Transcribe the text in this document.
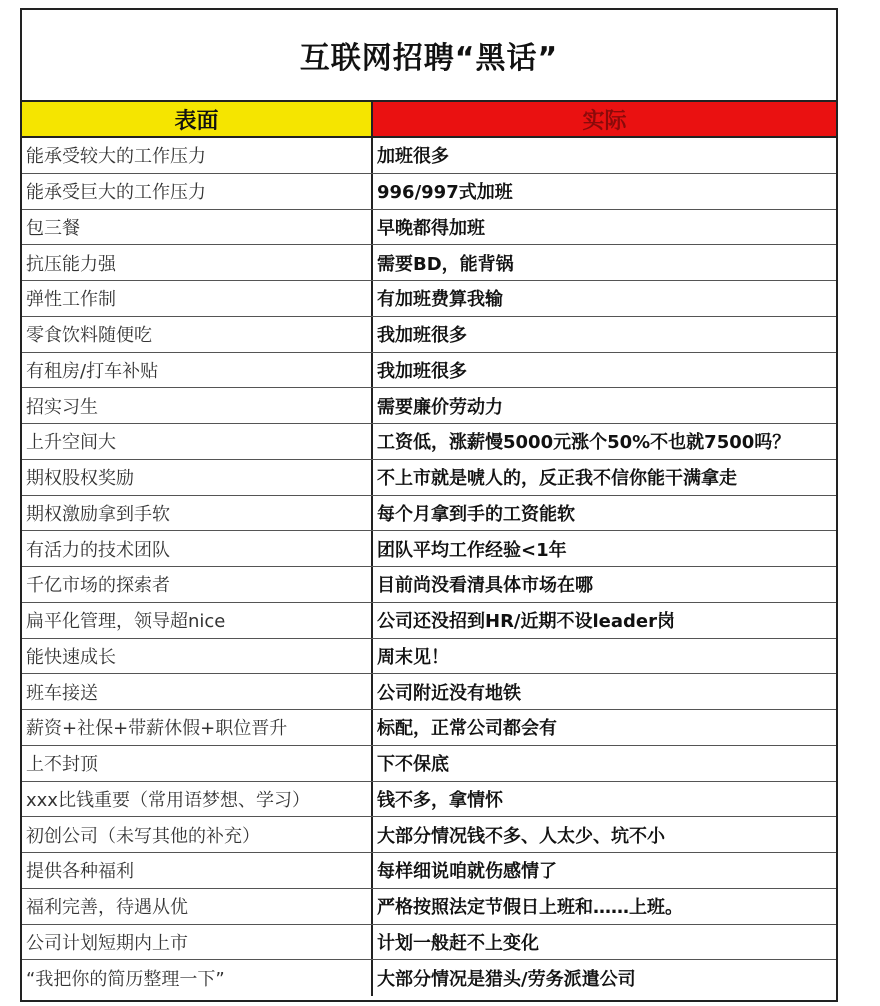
互联网招聘“黑话”
表面	实际
能承受较大的工作压力	加班很多
能承受巨大的工作压力	996/997式加班
包三餐	早晚都得加班
抗压能力强	需要BD，能背锅
弹性工作制	有加班费算我输
零食饮料随便吃	我加班很多
有租房/打车补贴	我加班很多
招实习生	需要廉价劳动力
上升空间大	工资低，涨薪慢5000元涨个50%不也就7500吗？
期权股权奖励	不上市就是唬人的，反正我不信你能干满拿走
期权激励拿到手软	每个月拿到手的工资能软
有活力的技术团队	团队平均工作经验<1年
千亿市场的探索者	目前尚没看清具体市场在哪
扁平化管理，领导超nice	公司还没招到HR/近期不设leader岗
能快速成长	周末见！
班车接送	公司附近没有地铁
薪资+社保+带薪休假+职位晋升	标配，正常公司都会有
上不封顶	下不保底
xxx比钱重要（常用语梦想、学习）	钱不多，拿情怀
初创公司（未写其他的补充）	大部分情况钱不多、人太少、坑不小
提供各种福利	每样细说咱就伤感情了
福利完善，待遇从优	严格按照法定节假日上班和……上班。
公司计划短期内上市	计划一般赶不上变化
“我把你的简历整理一下”	大部分情况是猎头/劳务派遣公司
